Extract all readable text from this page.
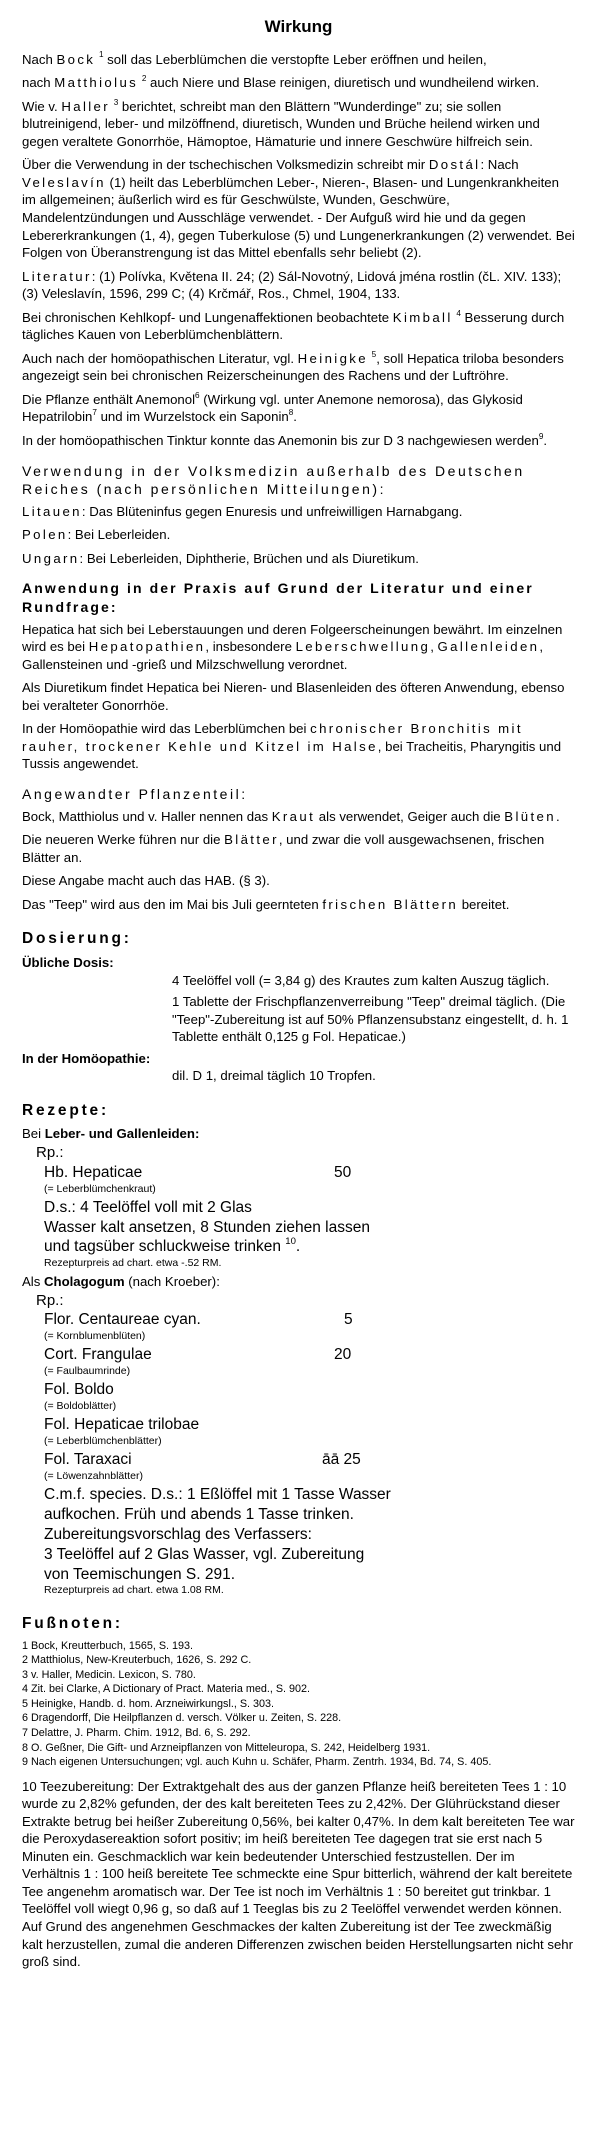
Wirkung

Nach Bock $^1$ soll das Leberblümchen die verstopfte Leber eröffnen und heilen,

nach Matthiolus $^2$ auch Niere und Blase reinigen, diuretisch und wundheilend wirken.

Wie v. Haller $^3$ berichtet, schreibt man den Blättern "Wunderdinge" zu; sie sollen blutreinigend, leber- und milzöffnend, diuretisch, Wunden und Brüche heilend wirken und gegen veraltete Gonorrhöe, Hämoptoe, Hämaturie und innere Geschwüre hilfreich sein.

Über die Verwendung in der tschechischen Volksmedizin schreibt mir Dostál: Nach Veleslavín (1) heilt das Leberblümchen Leber-, Nieren-, Blasen- und Lungenkrankheiten im allgemeinen; äußerlich wird es für Geschwülste, Wunden, Geschwüre, Mandelentzündungen und Ausschläge verwendet. - Der Aufguß wird hie und da gegen Lebererkrankungen (1, 4), gegen Tuberkulose (5) und Lungenerkrankungen (2) verwendet. Bei Folgen von Überanstrengung ist das Mittel ebenfalls sehr beliebt (2).

Literatur: (1) Polívka, Květena II. 24; (2) Sál-Novotný, Lidová jména rostlin (čL. XIV. 133); (3) Veleslavín, 1596, 299 C; (4) Krčmář, Ros., Chmel, 1904, 133.

Bei chronischen Kehlkopf- und Lungenaffektionen beobachtete Kimball $^4$ Besserung durch tägliches Kauen von Leberblümchenblättern.

Auch nach der homöopathischen Literatur, vgl. Heinigke $^5$, soll Hepatica triloba besonders angezeigt sein bei chronischen Reizerscheinungen des Rachens und der Luftröhre.

Die Pflanze enthält Anemonol$^6$ (Wirkung vgl. unter Anemone nemorosa), das Glykosid Hepatrilobin$^7$ und im Wurzelstock ein Saponin$^8$.

In der homöopathischen Tinktur konnte das Anemonin bis zur D 3 nachgewiesen werden$^9$.

Verwendung in der Volksmedizin außerhalb des Deutschen Reiches (nach persönlichen Mitteilungen):

Litauen: Das Blüteninfus gegen Enuresis und unfreiwilligen Harnabgang.

Polen: Bei Leberleiden.

Ungarn: Bei Leberleiden, Diphtherie, Brüchen und als Diuretikum.

Anwendung in der Praxis auf Grund der Literatur und einer Rundfrage:

Hepatica hat sich bei Leberstauungen und deren Folgeerscheinungen bewährt. Im einzelnen wird es bei Hepatopathien, insbesondere Leberschwellung, Gallenleiden, Gallensteinen und -grieß und Milzschwellung verordnet.

Als Diuretikum findet Hepatica bei Nieren- und Blasenleiden des öfteren Anwendung, ebenso bei veralteter Gonorrhöe.

In der Homöopathie wird das Leberblümchen bei chronischer Bronchitis mit rauher, trockener Kehle und Kitzel im Halse, bei Tracheitis, Pharyngitis und Tussis angewendet.

Angewandter Pflanzenteil:

Bock, Matthiolus und v. Haller nennen das Kraut als verwendet, Geiger auch die Blüten.

Die neueren Werke führen nur die Blätter, und zwar die voll ausgewachsenen, frischen Blätter an.

Diese Angabe macht auch das HAB. (§ 3).

Das "Teep" wird aus den im Mai bis Juli geernteten frischen Blättern bereitet.

Dosierung:

Übliche Dosis:

4 Teelöffel voll (= 3,84 g) des Krautes zum kalten Auszug täglich.

1 Tablette der Frischpflanzenverreibung "Teep" dreimal täglich. (Die "Teep"-Zubereitung ist auf 50% Pflanzensubstanz eingestellt, d. h. 1 Tablette enthält 0,125 g Fol. Hepaticae.)

In der Homöopathie:

dil. D 1, dreimal täglich 10 Tropfen.

Rezepte:

Bei Leber- und Gallenleiden:

Rp.:
Hb. Hepaticae	50
(= Leberblümchenkraut)
D.s.: 4 Teelöffel voll mit 2 Glas
Wasser kalt ansetzen, 8 Stunden ziehen lassen
und tagsüber schluckweise trinken $^{10}$.
Rezepturpreis ad chart. etwa -.52 RM.

Als Cholagogum (nach Kroeber):

Rp.:
Flor. Centaureae cyan.	5
(= Kornblumenblüten)
Cort. Frangulae	20
(= Faulbaumrinde)
Fol. Boldo
(= Boldoblätter)
Fol. Hepaticae trilobae
(= Leberblümchenblätter)
Fol. Taraxaci	āā 25
(= Löwenzahnblätter)
C.m.f. species. D.s.: 1 Eßlöffel mit 1 Tasse Wasser
aufkochen. Früh und abends 1 Tasse trinken.
Zubereitungsvorschlag des Verfassers:
3 Teelöffel auf 2 Glas Wasser, vgl. Zubereitung
von Teemischungen S. 291.
Rezepturpreis ad chart. etwa 1.08 RM.
Fußnoten:

1 Bock, Kreutterbuch, 1565, S. 193.

2 Matthiolus, New-Kreuterbuch, 1626, S. 292 C.

3 v. Haller, Medicin. Lexicon, S. 780.

4 Zit. bei Clarke, A Dictionary of Pract. Materia med., S. 902.

5 Heinigke, Handb. d. hom. Arzneiwirkungsl., S. 303.

6 Dragendorff, Die Heilpflanzen d. versch. Völker u. Zeiten, S. 228.

7 Delattre, J. Pharm. Chim. 1912, Bd. 6, S. 292.

8 O. Geßner, Die Gift- und Arzneipflanzen von Mitteleuropa, S. 242, Heidelberg 1931.

9 Nach eigenen Untersuchungen; vgl. auch Kuhn u. Schäfer, Pharm. Zentrh. 1934, Bd. 74, S. 405.

10 Teezubereitung: Der Extraktgehalt des aus der ganzen Pflanze heiß bereiteten Tees 1 : 10 wurde zu 2,82% gefunden, der des kalt bereiteten Tees zu 2,42%. Der Glührückstand dieser Extrakte betrug bei heißer Zubereitung 0,56%, bei kalter 0,47%. In dem kalt bereiteten Tee war die Peroxydasereaktion sofort positiv; im heiß bereiteten Tee dagegen trat sie erst nach 5 Minuten ein. Geschmacklich war kein bedeutender Unterschied festzustellen. Der im Verhältnis 1 : 100 heiß bereitete Tee schmeckte eine Spur bitterlich, während der kalt bereitete Tee angenehm aromatisch war. Der Tee ist noch im Verhältnis 1 : 50 bereitet gut trinkbar. 1 Teelöffel voll wiegt 0,96 g, so daß auf 1 Teeglas bis zu 2 Teelöffel verwendet werden können. Auf Grund des angenehmen Geschmackes der kalten Zubereitung ist der Tee zweckmäßig kalt herzustellen, zumal die anderen Differenzen zwischen beiden Herstellungsarten nicht sehr groß sind.
